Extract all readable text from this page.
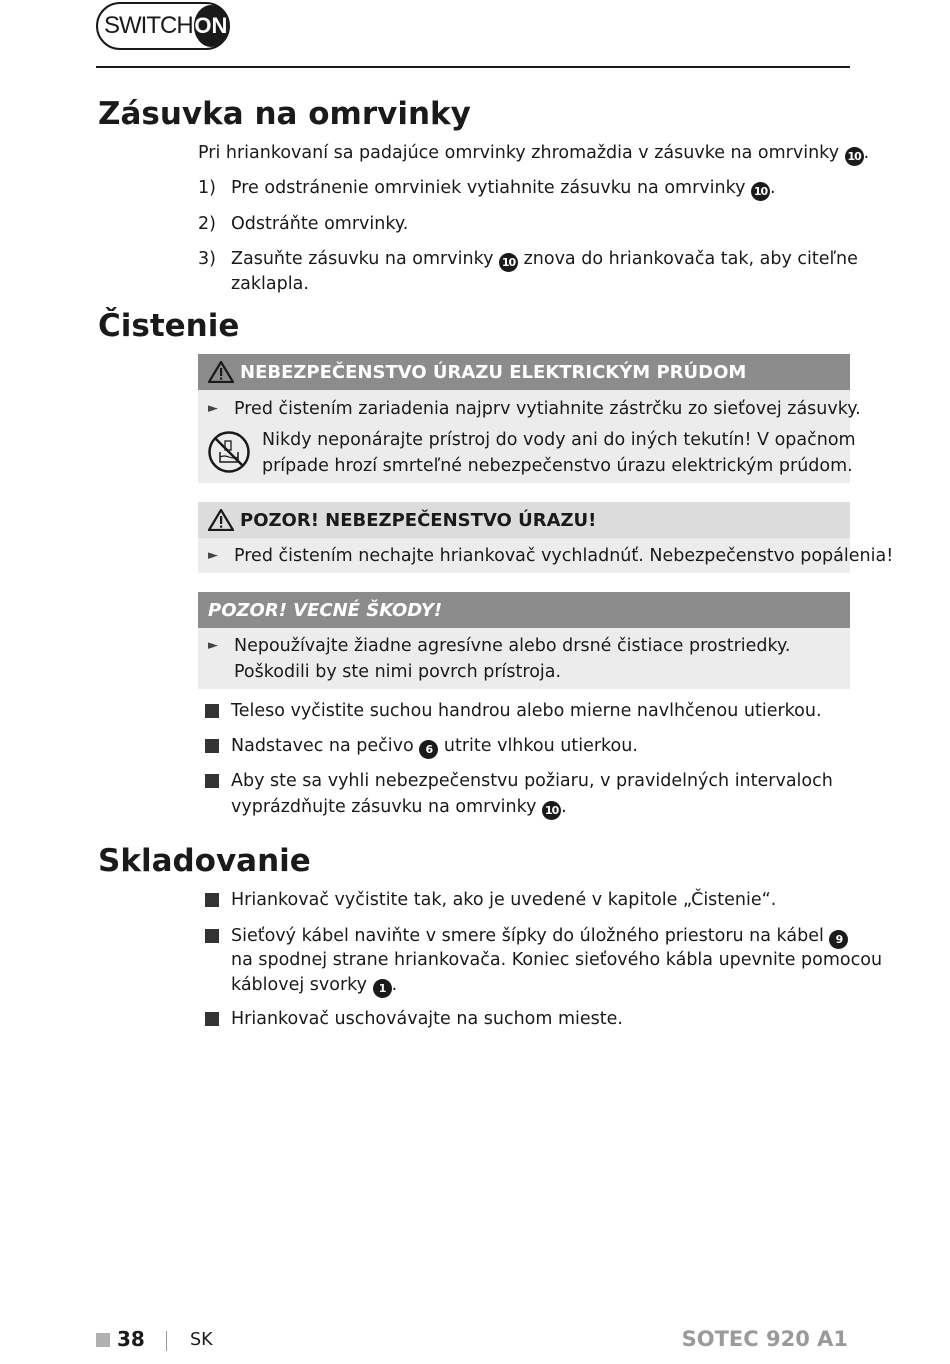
SWITCH ON
Zásuvka na omrvinky
Pri hriankovaní sa padajúce omrvinky zhromaždia v zásuvke na omrvinky 10 .
1) Pre odstránenie omrviniek vytiahnite zásuvku na omrvinky 10 .
2) Odstráňte omrvinky.
3) Zasuňte zásuvku na omrvinky 10 znova do hriankovača tak, aby citeľne
zaklapla.
Čistenie
NEBEZPEČENSTVO ÚRAZU ELEKTRICKÝM PRÚDOM
► Pred čistením zariadenia najprv vytiahnite zástrčku zo sieťovej zásuvky.
Nikdy neponárajte prístroj do vody ani do iných tekutín! V opačnom
prípade hrozí smrteľné nebezpečenstvo úrazu elektrickým prúdom.
POZOR! NEBEZPEČENSTVO ÚRAZU!
► Pred čistením nechajte hriankovač vychladnúť. Nebezpečenstvo popálenia!
POZOR! VECNÉ ŠKODY!
► Nepoužívajte žiadne agresívne alebo drsné čistiace prostriedky.
Poškodili by ste nimi povrch prístroja.
Teleso vyčistite suchou handrou alebo mierne navlhčenou utierkou.
Nadstavec na pečivo 6 utrite vlhkou utierkou.
Aby ste sa vyhli nebezpečenstvu požiaru, v pravidelných intervaloch
vyprázdňujte zásuvku na omrvinky 10 .
Skladovanie
Hriankovač vyčistite tak, ako je uvedené v kapitole „Čistenie“.
Sieťový kábel naviňte v smere šípky do úložného priestoru na kábel 9
na spodnej strane hriankovača. Koniec sieťového kábla upevnite pomocou
káblovej svorky 1 .
Hriankovač uschovávajte na suchom mieste.
38	SK	SOTEC 920 A1
